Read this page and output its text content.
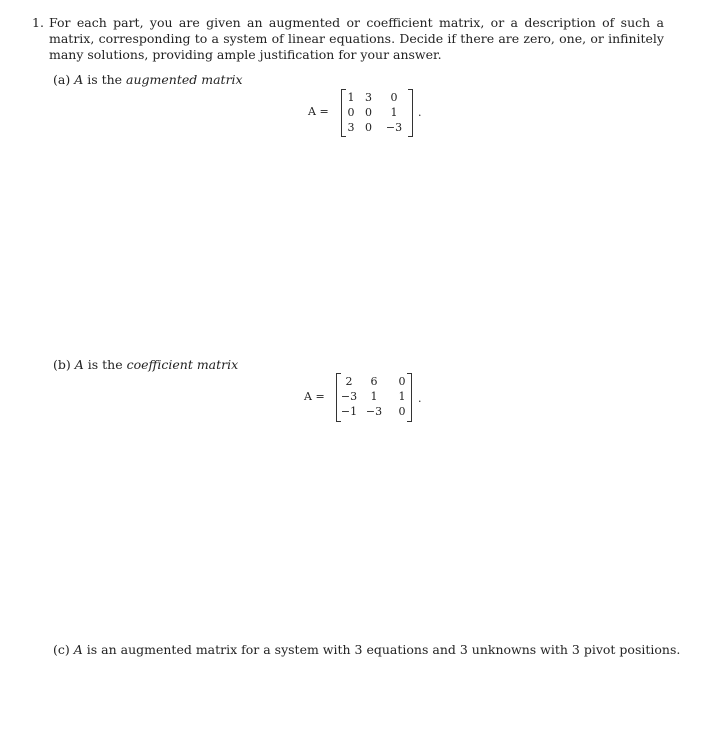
1. For each part, you are given an augmented or coefficient matrix, or a description of such a matrix, corresponding to a system of linear equations. Decide if there are zero, one, or infinitely many solutions, providing ample justification for your answer.
(a) A is the augmented matrix
A =
1	3	0
0	0	1
3	0	−3
.
(b) A is the coefficient matrix
A =
2	6	0
−3	1	1
−1	−3	0
.
(c) A is an augmented matrix for a system with 3 equations and 3 unknowns with 3 pivot positions.
